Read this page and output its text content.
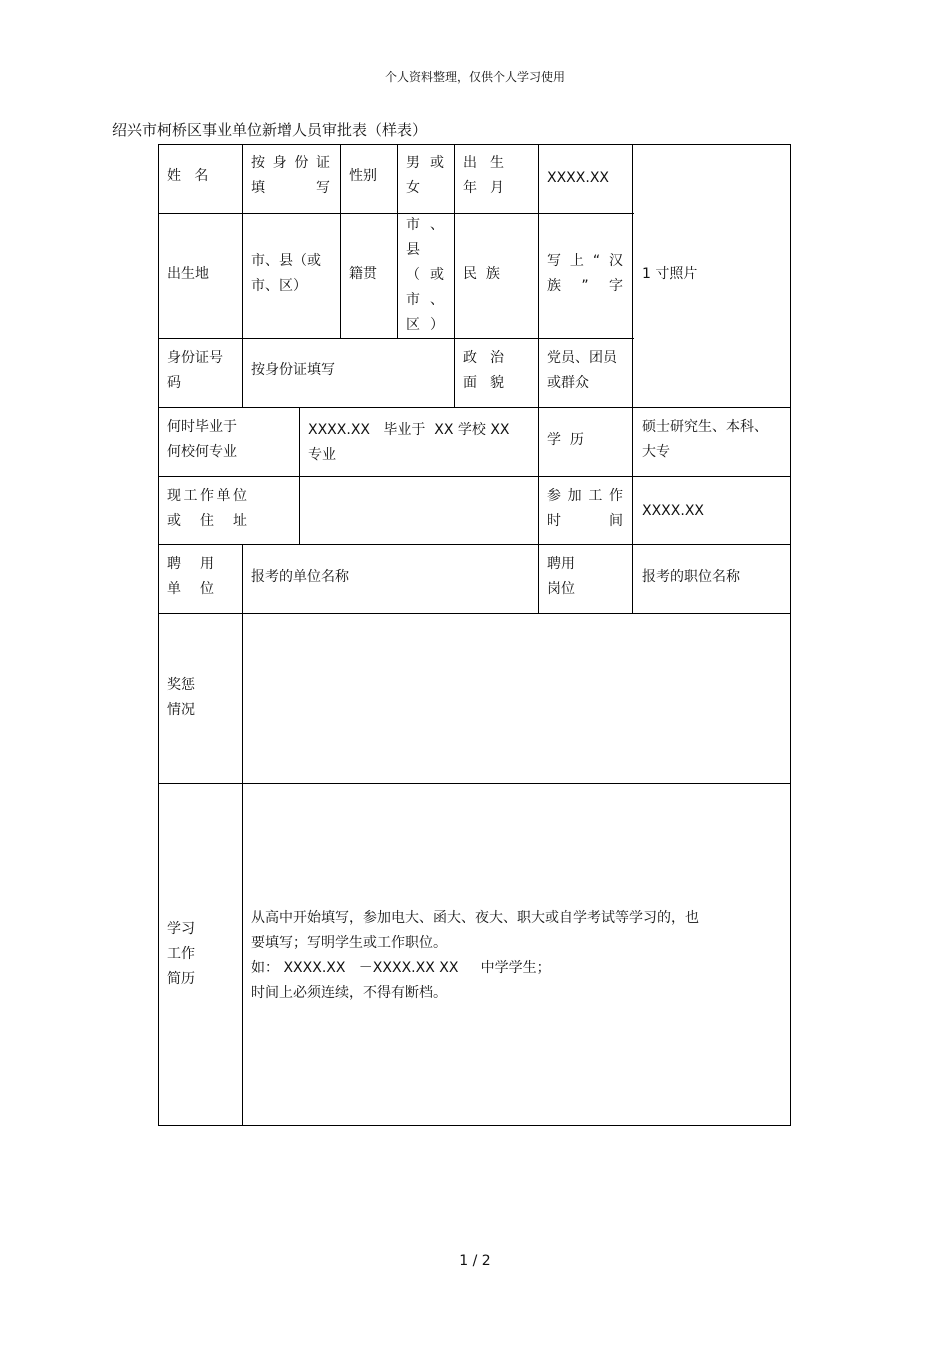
个人资料整理，仅供个人学习使用
绍兴市柯桥区事业单位新增人员审批表（样表）
姓   名
按身份证
填写
性别
男或
女
出生
年月
XXXX.XX
1 寸照片
出生地
市、县（或
市、区）
籍贯
市、
县
（或
市、
区）
民  族
写上“汉
族”字
身份证号
码
按身份证填写
政治
面貌
党员、团员
或群众
何时毕业于
何校何专业
XXXX.XX   毕业于  XX 学校 XX
专业
学  历
硕士研究生、本科、
大专
现工作单位
或   住   址
参加工作
时间
XXXX.XX
聘   用
单   位
报考的单位名称
聘用
岗位
报考的职位名称
奖惩
情况
学习
工作
简历
从高中开始填写，参加电大、函大、夜大、职大或自学考试等学习的，也
要填写；写明学生或工作职位。
如： XXXX.XX   －XXXX.XX XX     中学学生；
时间上必须连续，不得有断档。
1 / 2
